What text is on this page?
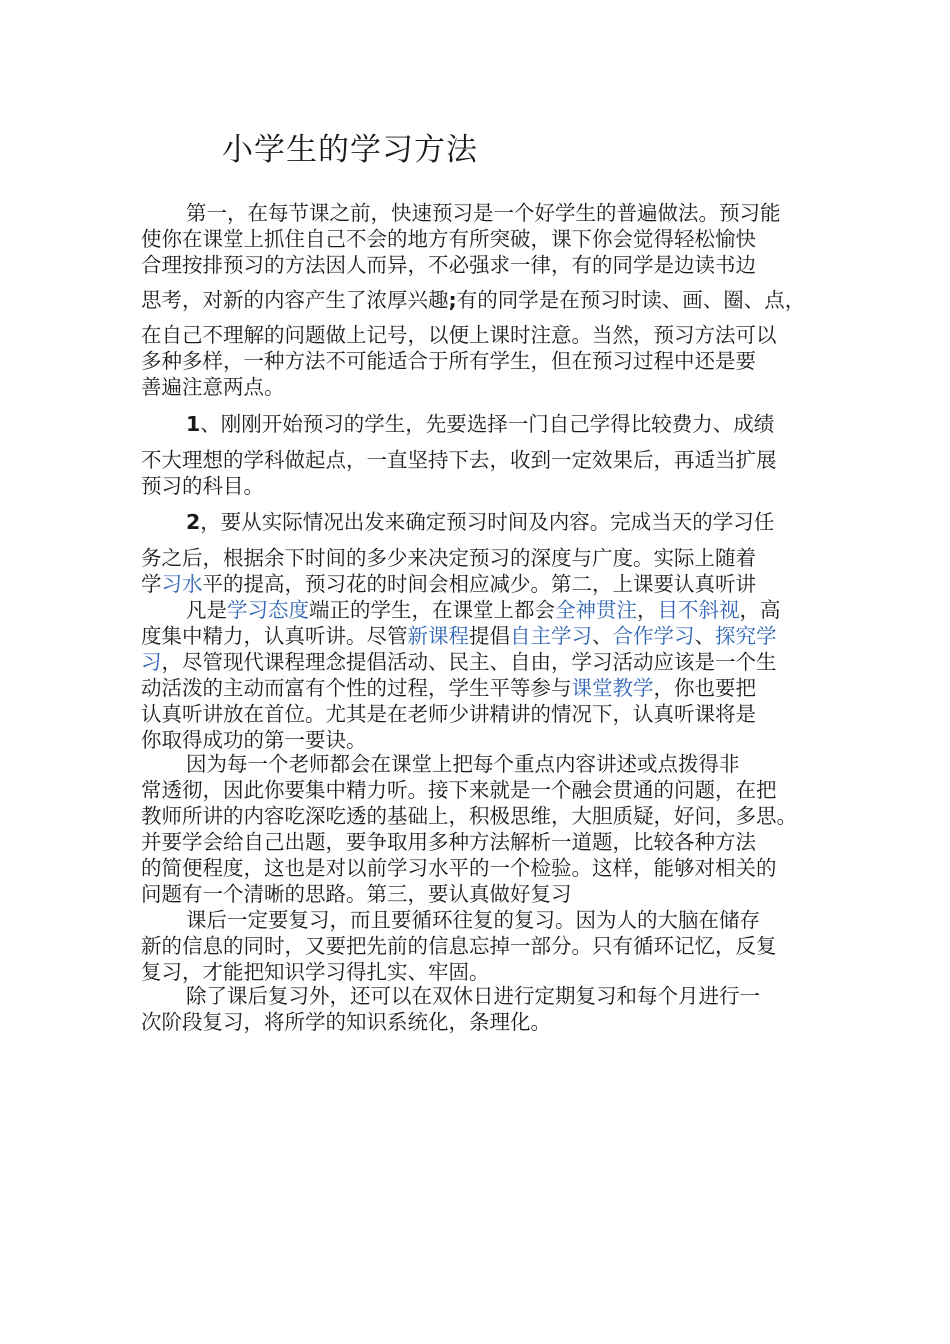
小学生的学习方法
第一，在每节课之前，快速预习是一个好学生的普遍做法。预习能
使你在课堂上抓住自己不会的地方有所突破，课下你会觉得轻松愉快
合理按排预习的方法因人而异，不必强求一律，有的同学是边读书边
思考，对新的内容产生了浓厚兴趣;有的同学是在预习时读、画、圈、点，
在自己不理解的问题做上记号，以便上课时注意。当然，预习方法可以
多种多样，一种方法不可能适合于所有学生，但在预习过程中还是要
善遍注意两点。
1、刚刚开始预习的学生，先要选择一门自己学得比较费力、成绩
不大理想的学科做起点，一直坚持下去，收到一定效果后，再适当扩展
预习的科目。
2，要从实际情况出发来确定预习时间及内容。完成当天的学习任
务之后，根据余下时间的多少来决定预习的深度与广度。实际上随着
学习水平的提高，预习花的时间会相应减少。第二，上课要认真听讲
凡是学习态度端正的学生，在课堂上都会全神贯注，目不斜视，高
度集中精力，认真听讲。尽管新课程提倡自主学习、合作学习、探究学
习，尽管现代课程理念提倡活动、民主、自由，学习活动应该是一个生
动活泼的主动而富有个性的过程，学生平等参与课堂教学，你也要把
认真听讲放在首位。尤其是在老师少讲精讲的情况下，认真听课将是
你取得成功的第一要诀。
因为每一个老师都会在课堂上把每个重点内容讲述或点拨得非
常透彻，因此你要集中精力听。接下来就是一个融会贯通的问题，在把
教师所讲的内容吃深吃透的基础上，积极思维，大胆质疑，好问，多思。
并要学会给自己出题，要争取用多种方法解析一道题，比较各种方法
的简便程度，这也是对以前学习水平的一个检验。这样，能够对相关的
问题有一个清晰的思路。第三，要认真做好复习
课后一定要复习，而且要循环往复的复习。因为人的大脑在储存
新的信息的同时，又要把先前的信息忘掉一部分。只有循环记忆，反复
复习，才能把知识学习得扎实、牢固。
除了课后复习外，还可以在双休日进行定期复习和每个月进行一
次阶段复习，将所学的知识系统化，条理化。
